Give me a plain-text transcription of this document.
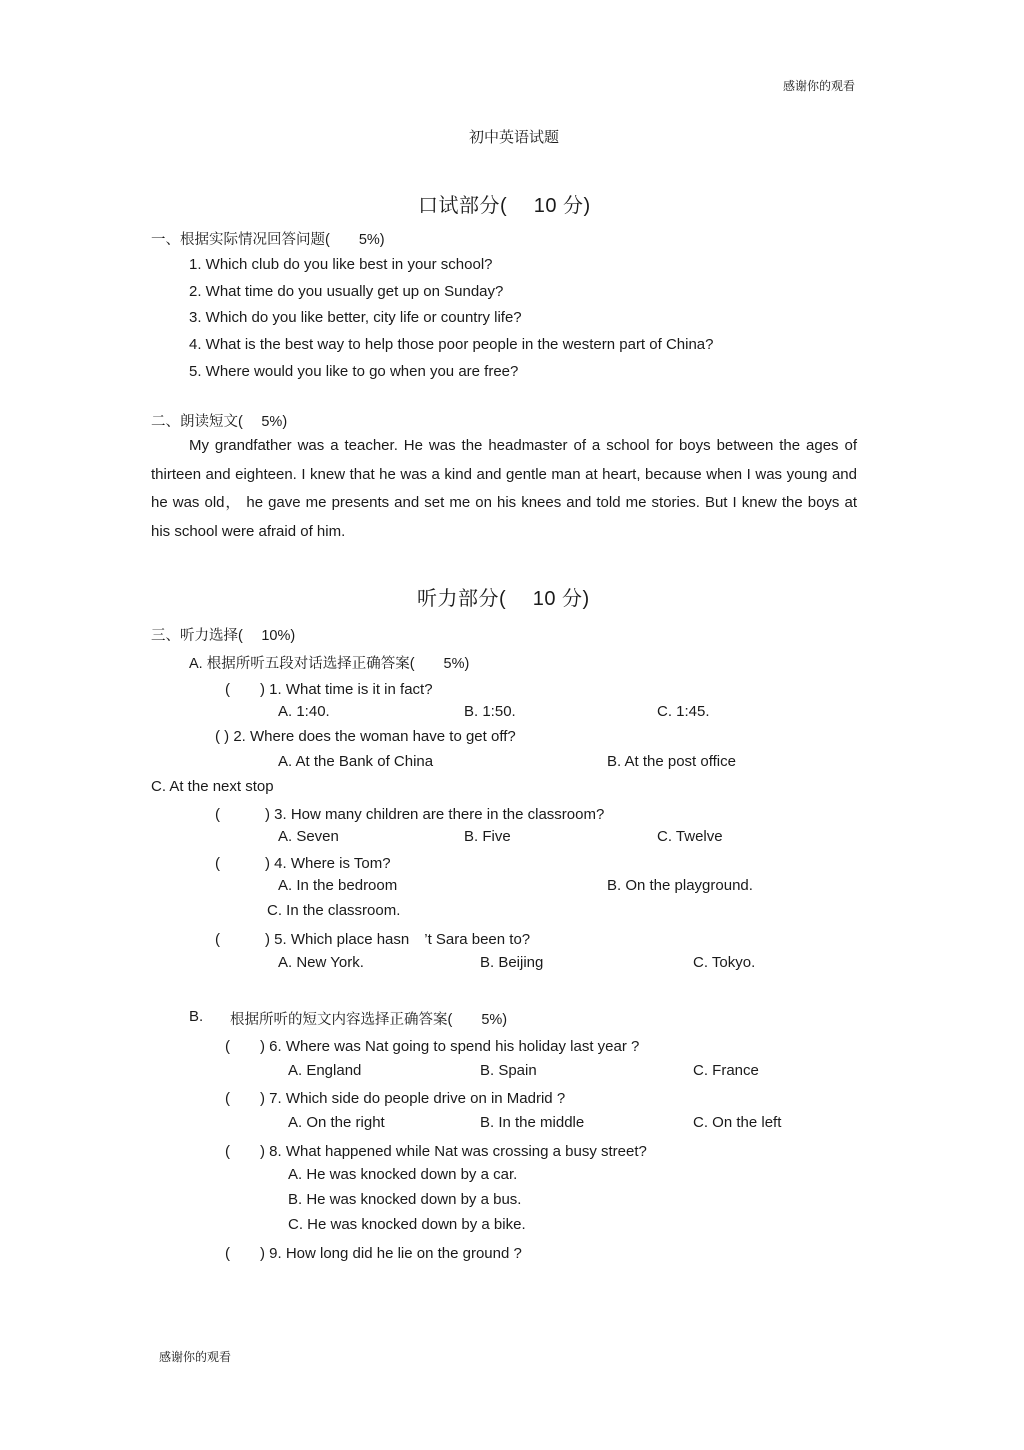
感谢你的观看
感谢你的观看
初中英语试题
口试部分(　 10 分)
一、根据实际情况回答问题(　　5%)
1. Which club do you like best in your school?
2. What time do you usually get up on Sunday?
3. Which do you like better, city life or country life?
4. What is the best way to help those poor people in the western part of China?
5. Where would you like to go when you are free?
二、朗读短文(　 5%)
My grandfather was a teacher. He was the headmaster of a school for boys between the ages of thirteen and eighteen. I knew that he was a kind and gentle man at heart, because when I was young and he was old， he gave me presents and set me on his knees and told me stories. But I knew the boys at his school were afraid of him.
听力部分(　 10 分)
三、听力选择(　 10%)
A. 根据所听五段对话选择正确答案(　　5%)
(　　) 1. What time is it in fact?
A. 1:40.	B. 1:50.	C. 1:45.
( ) 2. Where does the woman have to get off?
A. At the Bank of China	B. At the post office
C. At the next stop
(　　　) 3. How many children are there in the classroom?
A. Seven	B. Five	C. Twelve
(　　　) 4. Where is Tom?
A. In the bedroom	B. On the playground.
C. In the classroom.
(　　　) 5. Which place hasn　’t Sara been to?
A. New York.	B. Beijing	C. Tokyo.
B. 根据所听的短文内容选择正确答案(　　5%)
(　　) 6. Where was Nat going to spend his holiday last year ?
A. England	B. Spain	C. France
(　　) 7. Which side do people drive on in Madrid ?
A. On the right	B. In the middle	C. On the left
(　　) 8. What happened while Nat was crossing a busy street?
A. He was knocked down by a car.
B. He was knocked down by a bus.
C. He was knocked down by a bike.
(　　) 9. How long did he lie on the ground ?
